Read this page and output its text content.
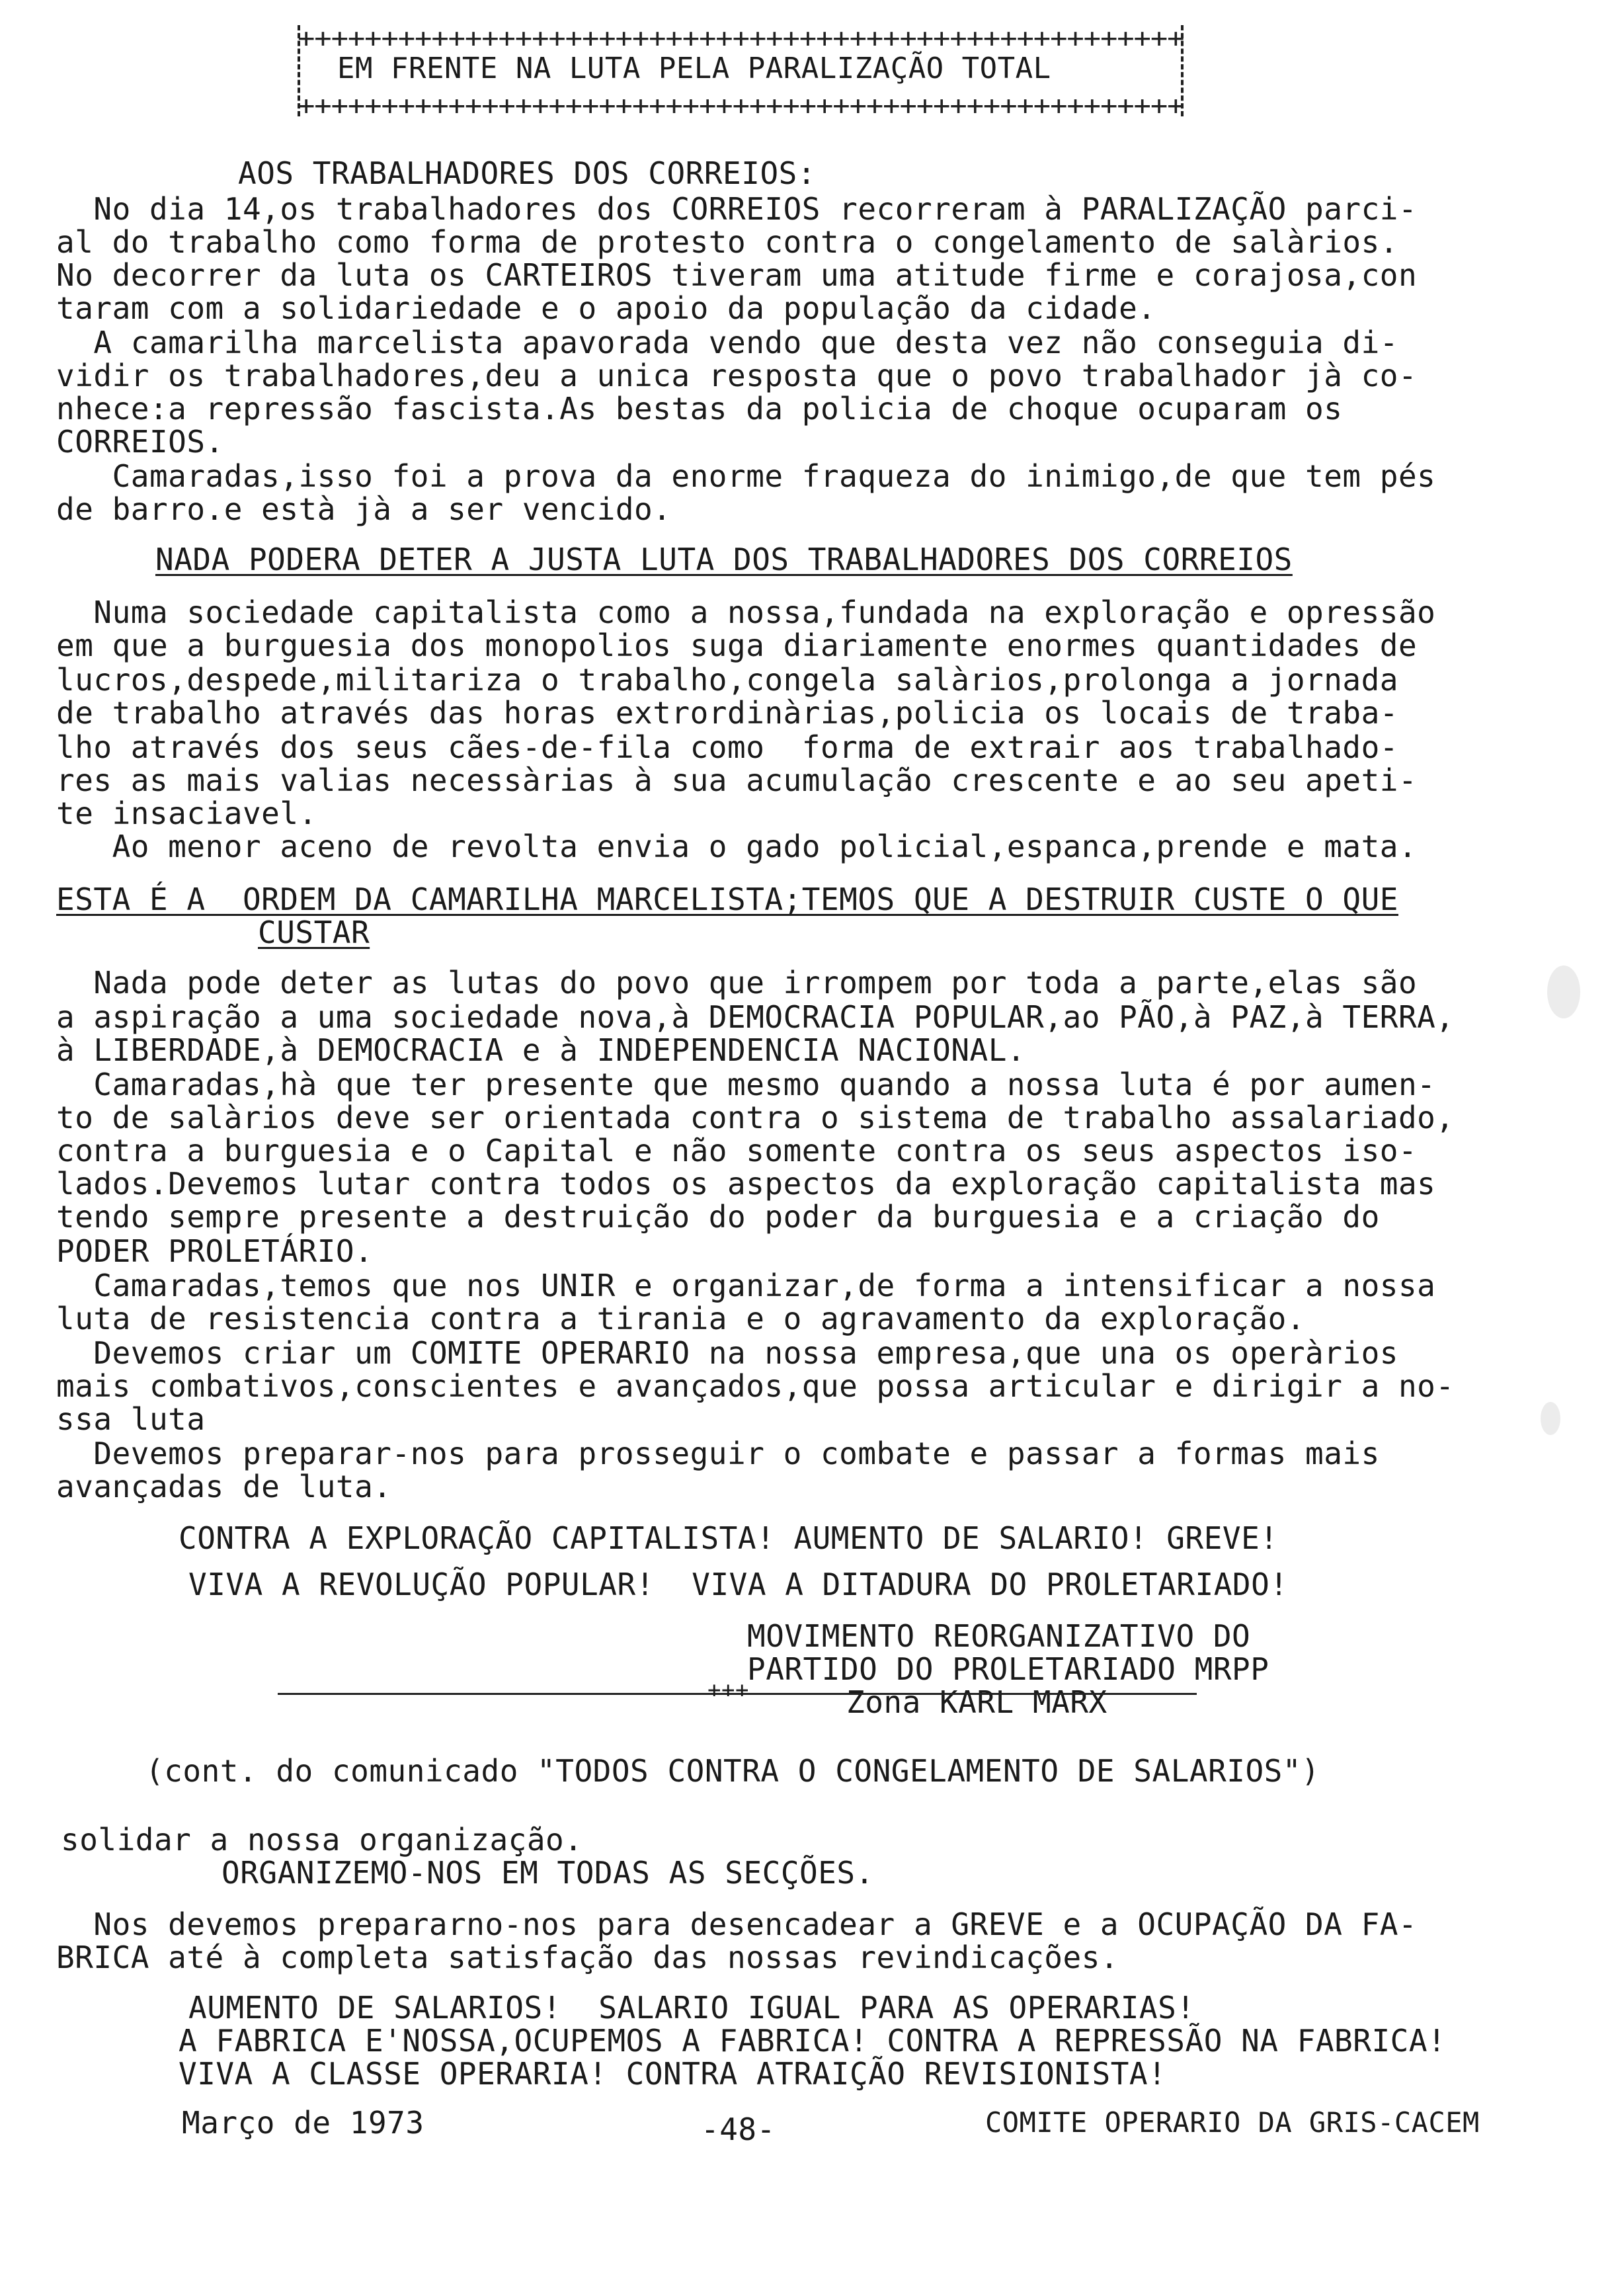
+++++++++++++++++++++++++++++++++++++++++++++++++++++
EM FRENTE NA LUTA PELA PARALIZAÇÃO TOTAL
+++++++++++++++++++++++++++++++++++++++++++++++++++++
AOS TRABALHADORES DOS CORREIOS:
No dia 14,os trabalhadores dos CORREIOS recorreram à PARALIZAÇÃO parci-
al do trabalho como forma de protesto contra o congelamento de salàrios.
No decorrer da luta os CARTEIROS tiveram uma atitude firme e corajosa,con
taram com a solidariedade e o apoio da população da cidade.
A camarilha marcelista apavorada vendo que desta vez não conseguia di-
vidir os trabalhadores,deu a unica resposta que o povo trabalhador jà co-
nhece:a repressão fascista.As bestas da policia de choque ocuparam os
CORREIOS.
Camaradas,isso foi a prova da enorme fraqueza do inimigo,de que tem pés
de barro.e està jà a ser vencido.
NADA PODERA DETER A JUSTA LUTA DOS TRABALHADORES DOS CORREIOS
Numa sociedade capitalista como a nossa,fundada na exploração e opressão
em que a burguesia dos monopolios suga diariamente enormes quantidades de
lucros,despede,militariza o trabalho,congela salàrios,prolonga a jornada
de trabalho através das horas extrordinàrias,policia os locais de traba-
lho através dos seus cães-de-fila como  forma de extrair aos trabalhado-
res as mais valias necessàrias à sua acumulação crescente e ao seu apeti-
te insaciavel.
Ao menor aceno de revolta envia o gado policial,espanca,prende e mata.
ESTA É A  ORDEM DA CAMARILHA MARCELISTA;TEMOS QUE A DESTRUIR CUSTE O QUE
CUSTAR
Nada pode deter as lutas do povo que irrompem por toda a parte,elas são
a aspiração a uma sociedade nova,à DEMOCRACIA POPULAR,ao PÃO,à PAZ,à TERRA,
à LIBERDADE,à DEMOCRACIA e à INDEPENDENCIA NACIONAL.
Camaradas,hà que ter presente que mesmo quando a nossa luta é por aumen-
to de salàrios deve ser orientada contra o sistema de trabalho assalariado,
contra a burguesia e o Capital e não somente contra os seus aspectos iso-
lados.Devemos lutar contra todos os aspectos da exploração capitalista mas
tendo sempre presente a destruição do poder da burguesia e a criação do
PODER PROLETÁRIO.
Camaradas,temos que nos UNIR e organizar,de forma a intensificar a nossa
luta de resistencia contra a tirania e o agravamento da exploração.
Devemos criar um COMITE OPERARIO na nossa empresa,que una os operàrios
mais combativos,conscientes e avançados,que possa articular e dirigir a no-
ssa luta
Devemos preparar-nos para prosseguir o combate e passar a formas mais
avançadas de luta.
CONTRA A EXPLORAÇÃO CAPITALISTA! AUMENTO DE SALARIO! GREVE!
VIVA A REVOLUÇÃO POPULAR!  VIVA A DITADURA DO PROLETARIADO!
MOVIMENTO REORGANIZATIVO DO
PARTIDO DO PROLETARIADO MRPP
Zona KARL MARX
+++
(cont. do comunicado "TODOS CONTRA O CONGELAMENTO DE SALARIOS")
solidar a nossa organização.
ORGANIZEMO-NOS EM TODAS AS SECÇÕES.
Nos devemos prepararno-nos para desencadear a GREVE e a OCUPAÇÃO DA FA-
BRICA até à completa satisfação das nossas revindicações.
AUMENTO DE SALARIOS!  SALARIO IGUAL PARA AS OPERARIAS!
A FABRICA E'NOSSA,OCUPEMOS A FABRICA! CONTRA A REPRESSÃO NA FABRICA!
VIVA A CLASSE OPERARIA! CONTRA ATRAIÇÃO REVISIONISTA!
Março de 1973	-48-	COMITE OPERARIO DA GRIS-CACEM
